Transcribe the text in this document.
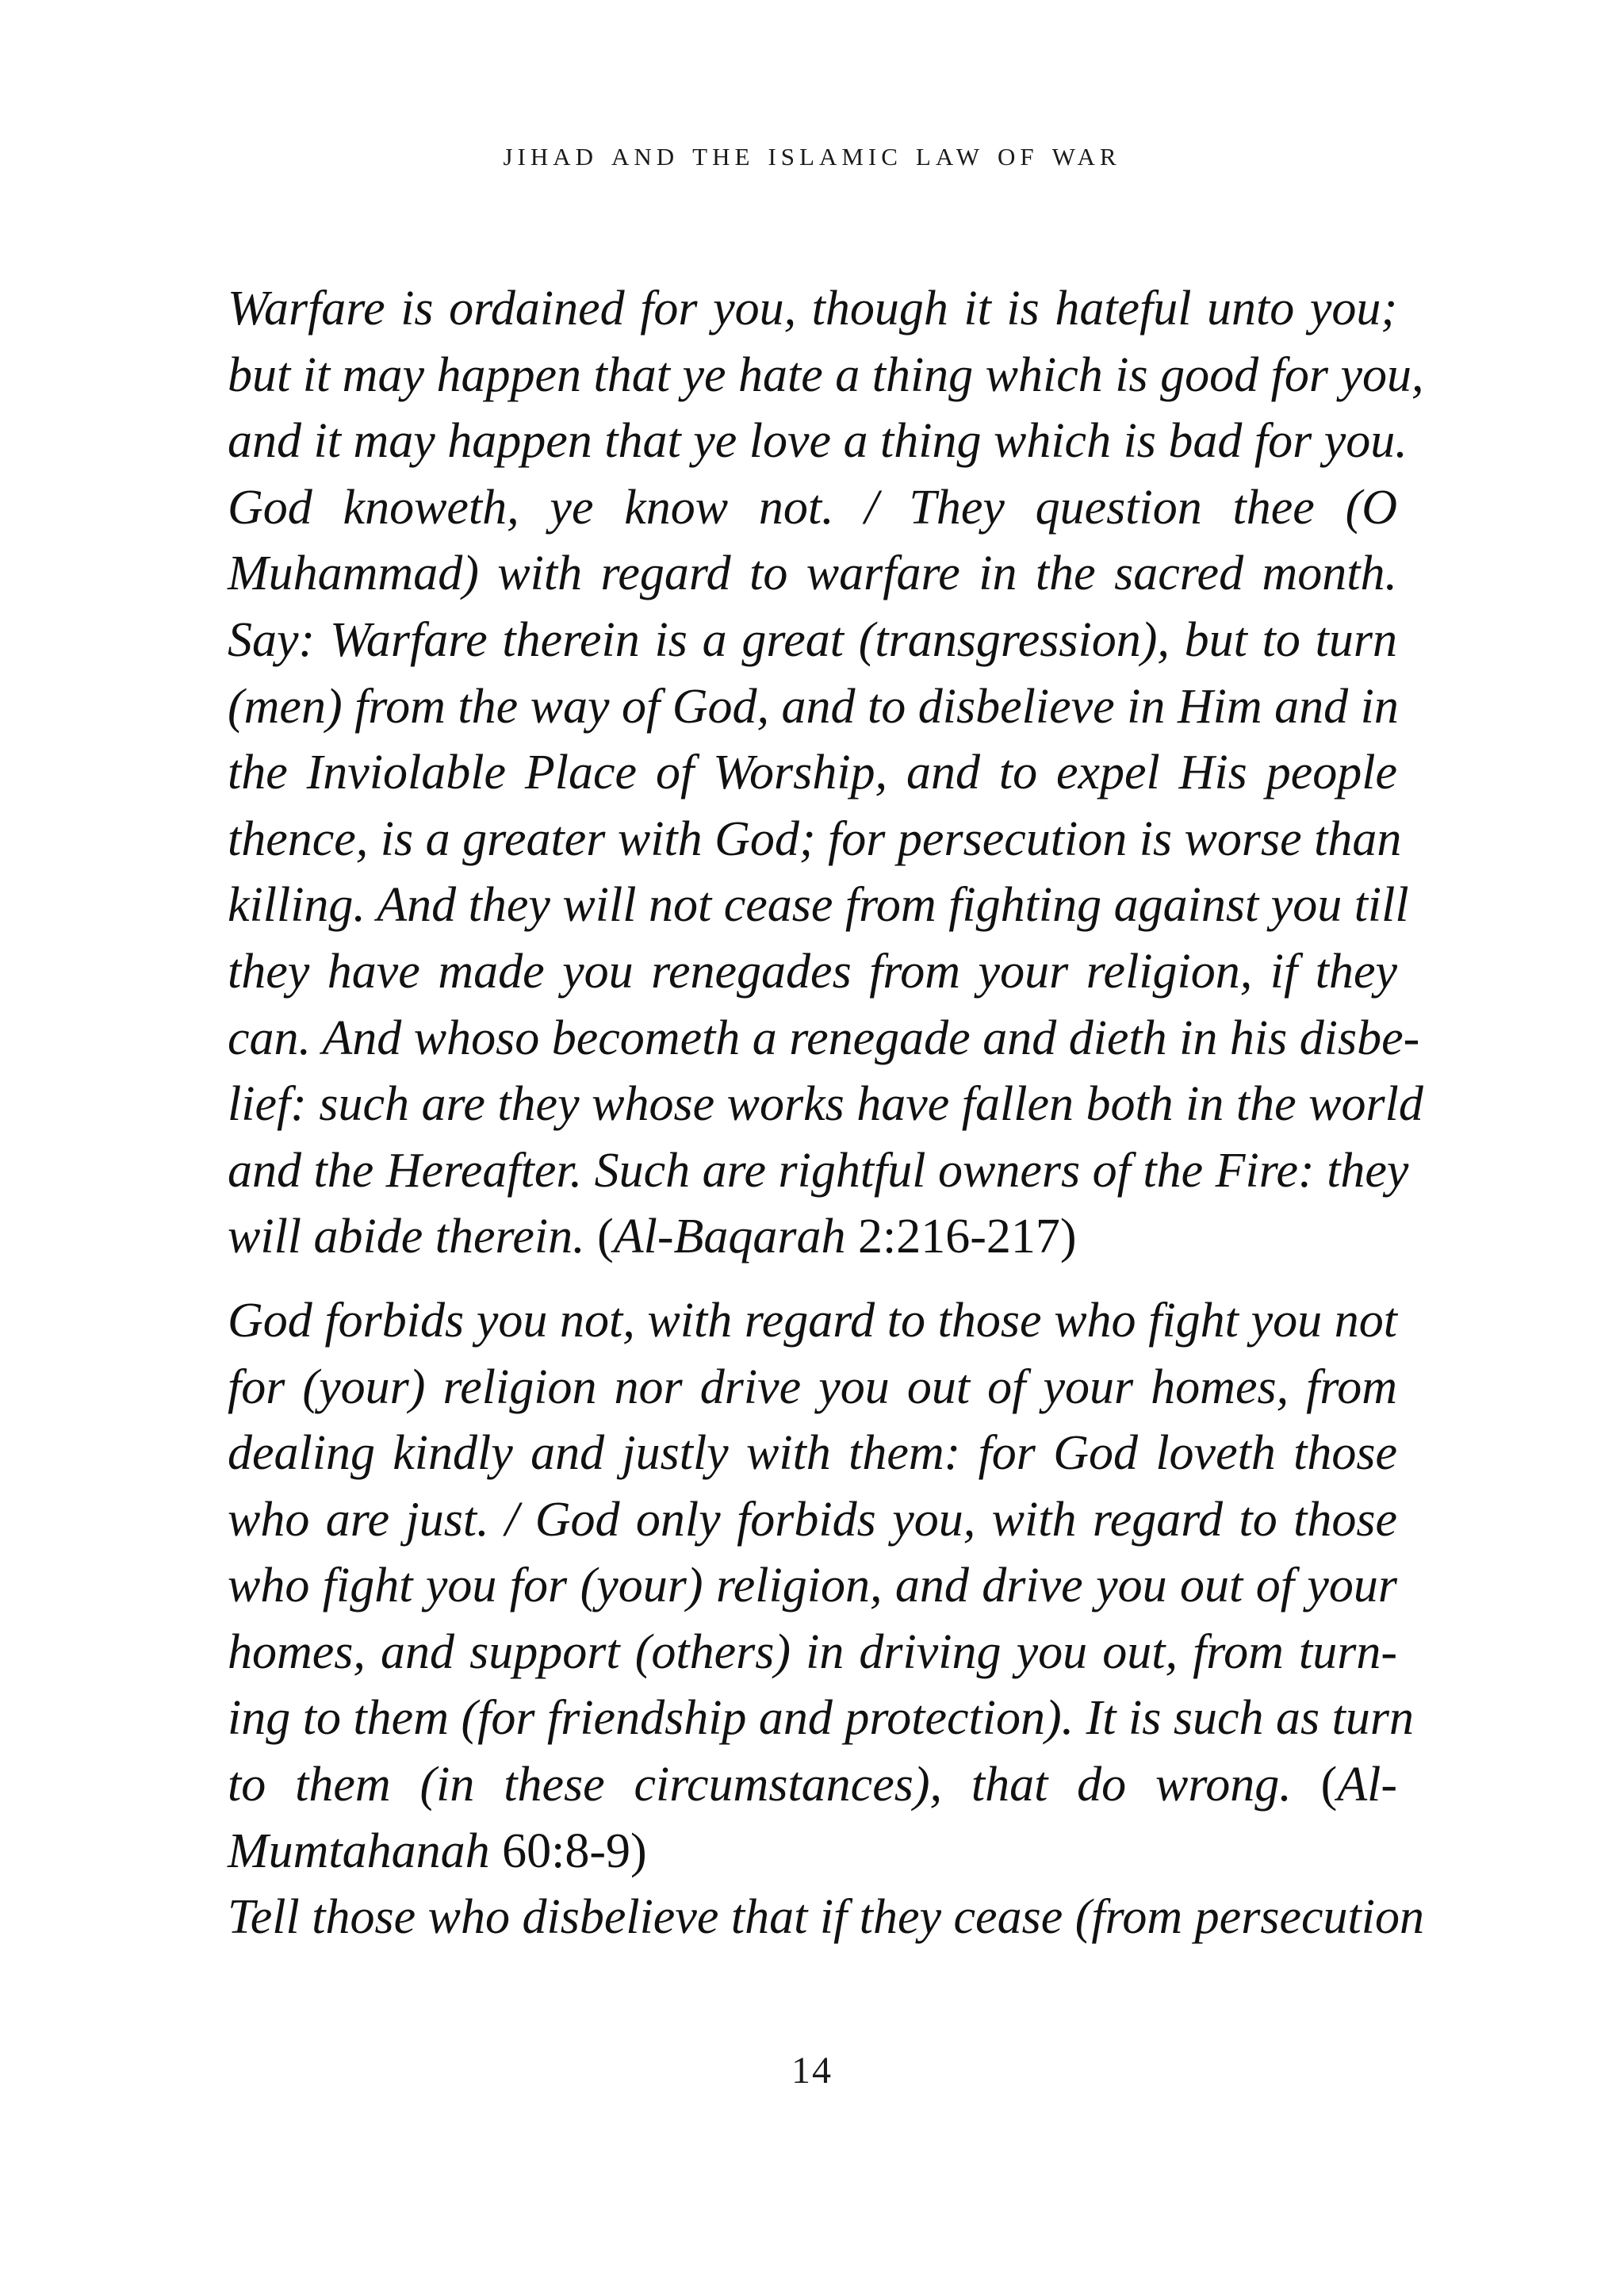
jihad and the islamic law of war
Warfare is ordained for you, though it is hateful unto you;
but it may happen that ye hate a thing which is good for you,
and it may happen that ye love a thing which is bad for you.
God knoweth, ye know not. / They question thee (O
Muhammad) with regard to warfare in the sacred month.
Say: Warfare therein is a great (transgression), but to turn
(men) from the way of God, and to disbelieve in Him and in
the Inviolable Place of Worship, and to expel His people
thence, is a greater with God; for persecution is worse than
killing. And they will not cease from fighting against you till
they have made you renegades from your religion, if they
can. And whoso becometh a renegade and dieth in his disbe-
lief: such are they whose works have fallen both in the world
and the Hereafter. Such are rightful owners of the Fire: they
will abide therein. (Al-Baqarah 2:216-217)
God forbids you not, with regard to those who fight you not
for (your) religion nor drive you out of your homes, from
dealing kindly and justly with them: for God loveth those
who are just. / God only forbids you, with regard to those
who fight you for (your) religion, and drive you out of your
homes, and support (others) in driving you out, from turn-
ing to them (for friendship and protection). It is such as turn
to them (in these circumstances), that do wrong. (Al-
Mumtahanah 60:8-9)
Tell those who disbelieve that if they cease (from persecution
14
